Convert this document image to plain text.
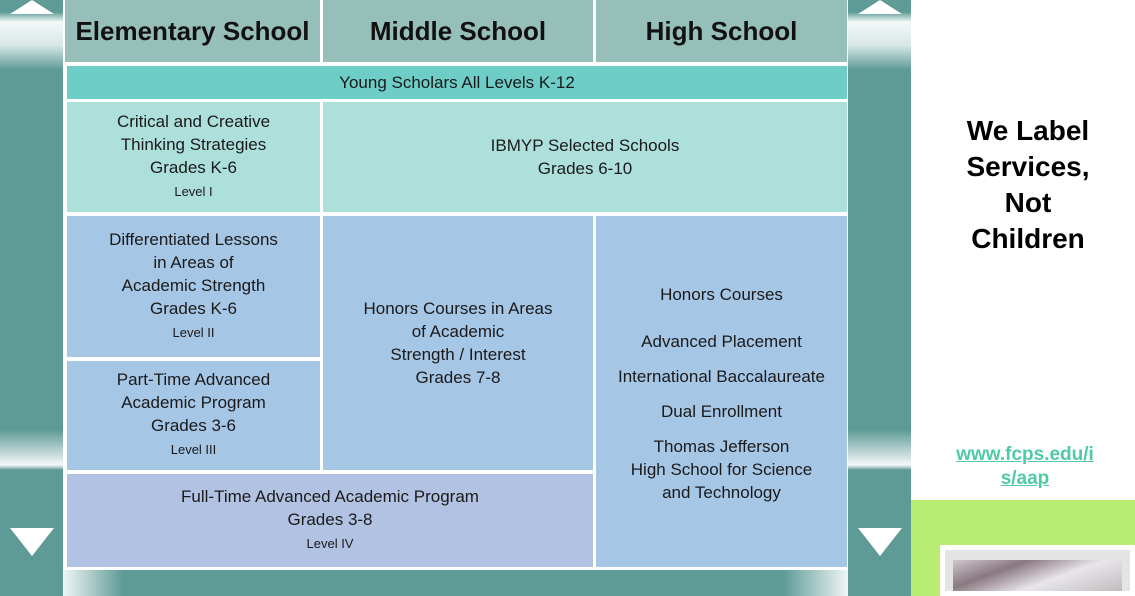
Elementary School	Middle School	High School
Young Scholars All Levels K-12
Critical and Creative
Thinking Strategies
Grades K-6
Level I
IBMYP Selected Schools
Grades 6-10
Differentiated Lessons
in Areas of
Academic Strength
Grades K-6
Level II
Honors Courses in Areas
of Academic
Strength / Interest
Grades 7-8
Honors Courses
Advanced Placement
International Baccalaureate
Dual Enrollment
Thomas Jefferson
High School for Science
and Technology
Part-Time Advanced
Academic Program
Grades 3-6
Level III
Full-Time Advanced Academic Program
Grades 3-8
Level IV
We Label
Services,
Not
Children
www.fcps.edu/i
s/aap
